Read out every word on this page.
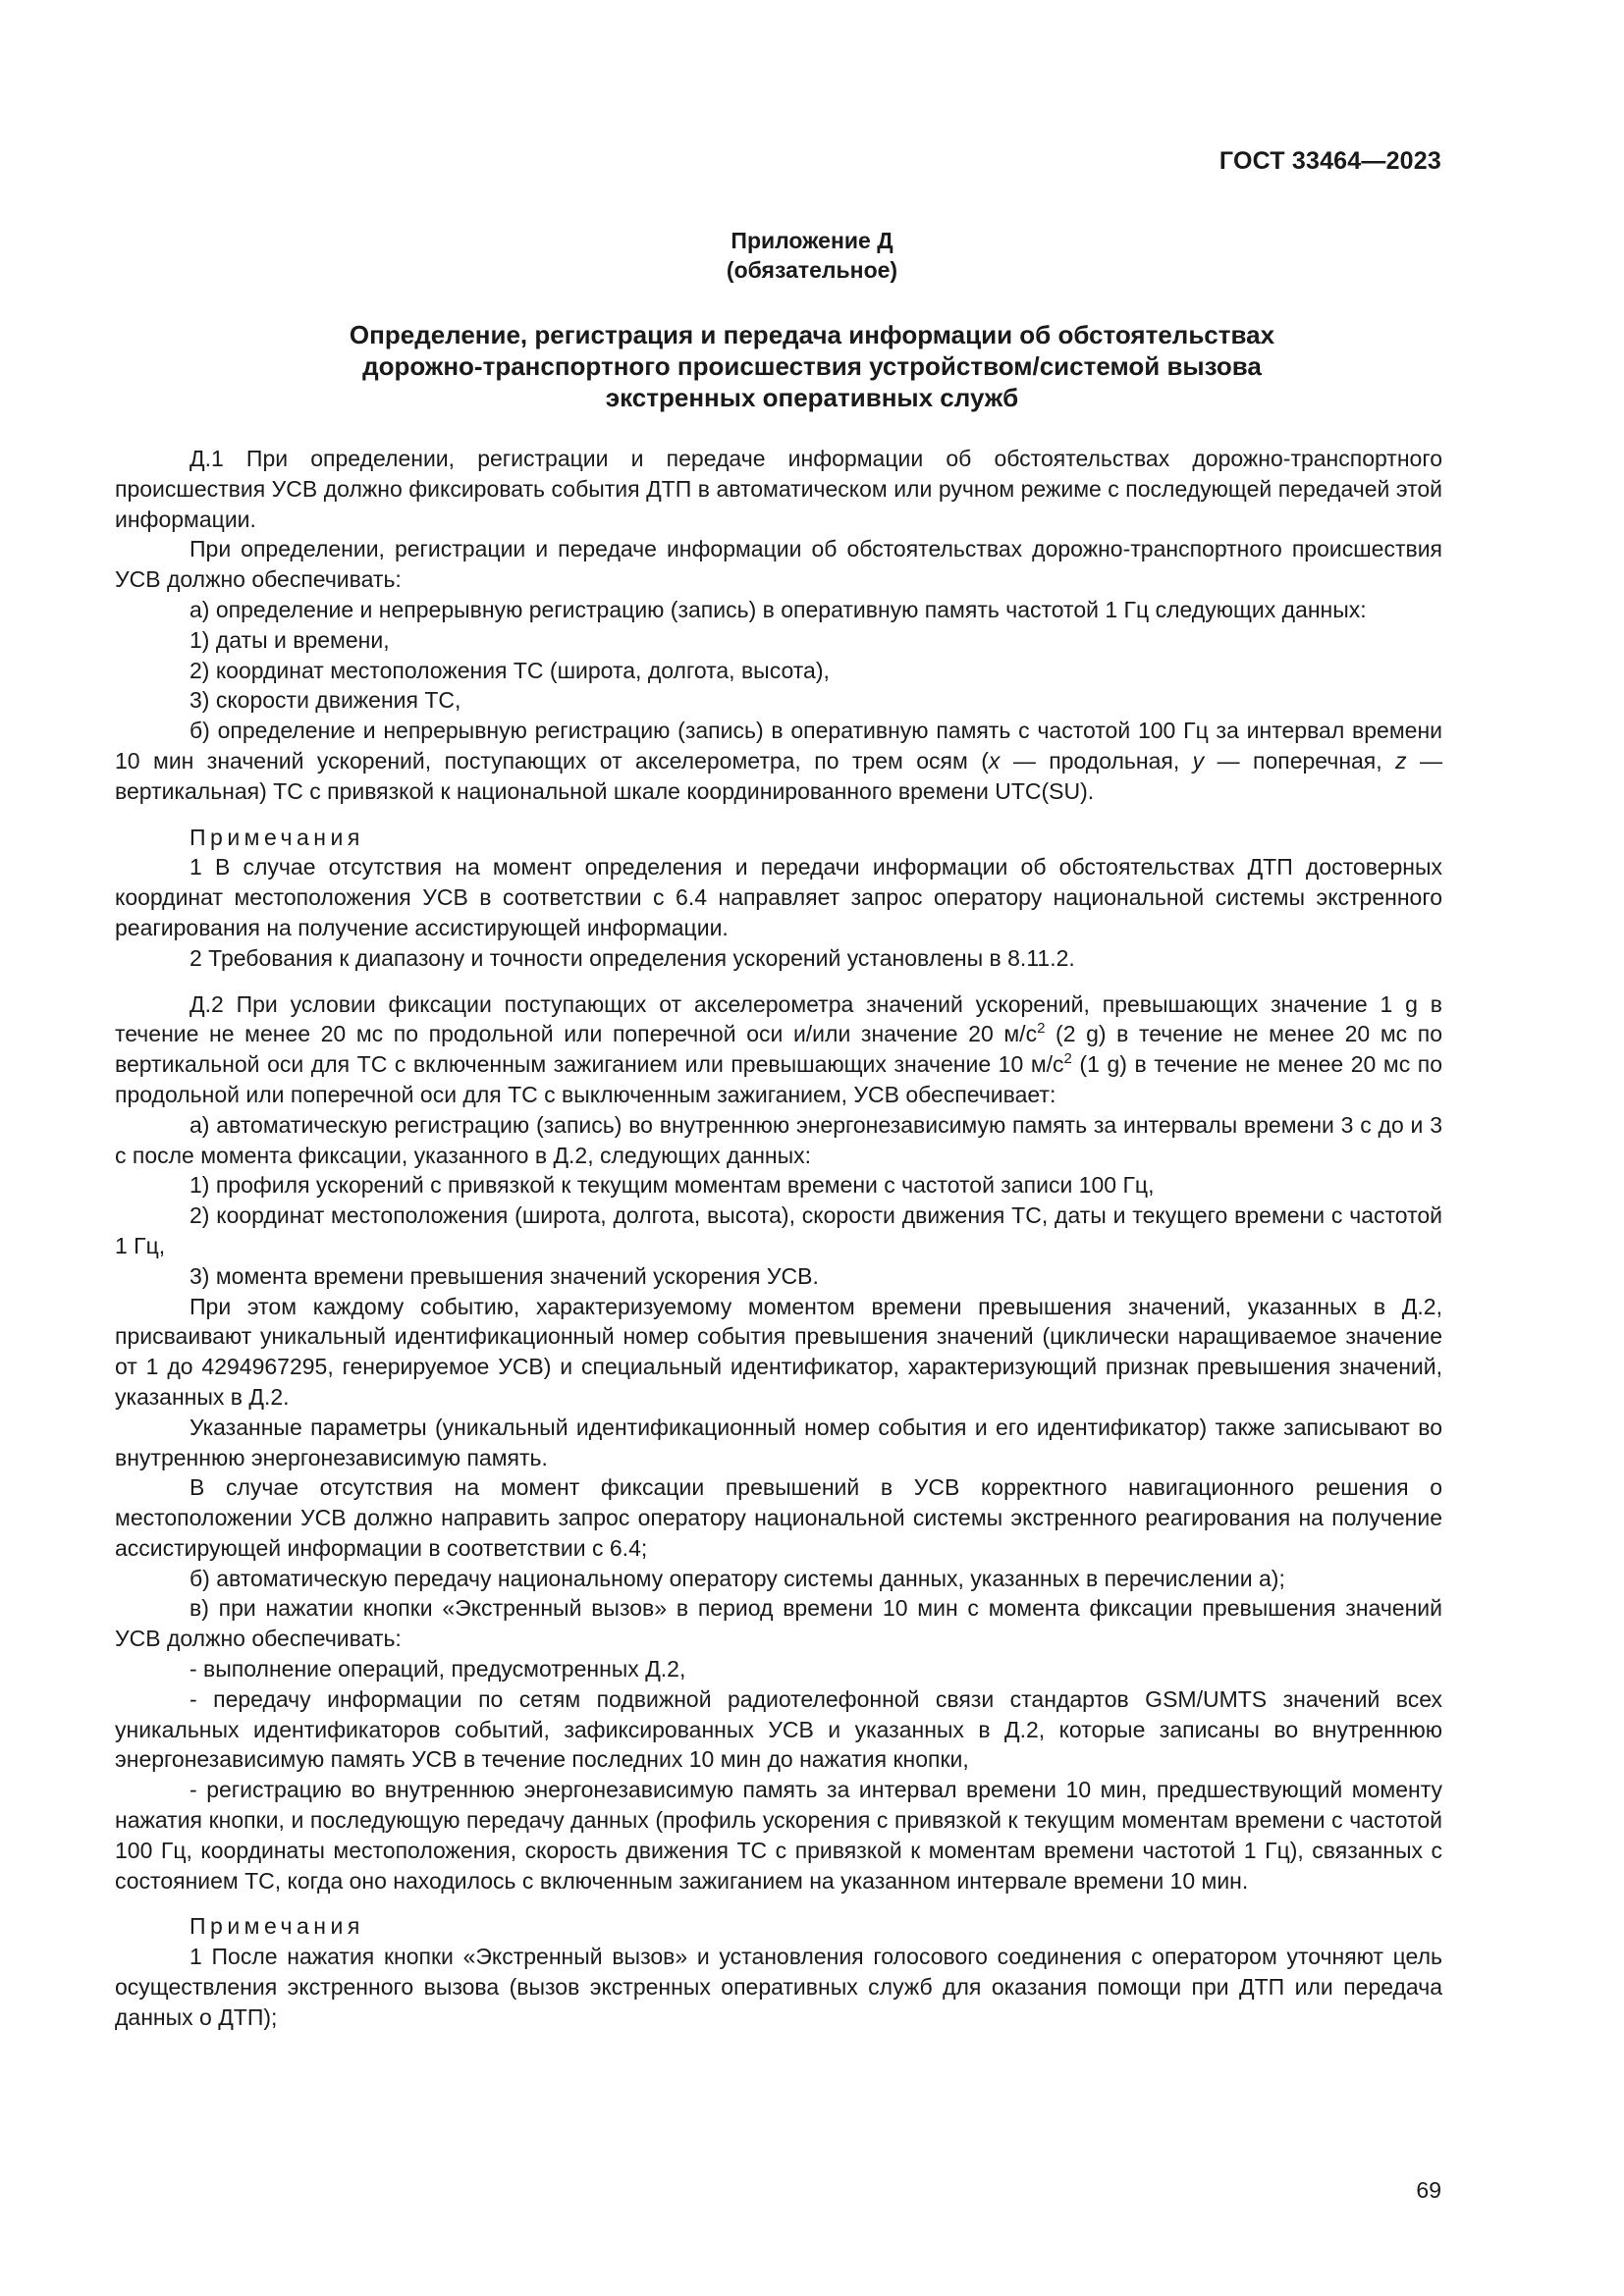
ГОСТ 33464—2023
Приложение Д
(обязательное)
Определение, регистрация и передача информации об обстоятельствах
дорожно-транспортного происшествия устройством/системой вызова
экстренных оперативных служб

Д.1 При определении, регистрации и передаче информации об обстоятельствах дорожно-транспортного происшествия УСВ должно фиксировать события ДТП в автоматическом или ручном режиме с последующей передачей этой информации.

При определении, регистрации и передаче информации об обстоятельствах дорожно-транспортного происшествия УСВ должно обеспечивать:

а) определение и непрерывную регистрацию (запись) в оперативную память частотой 1 Гц следующих данных:

1) даты и времени,

2) координат местоположения ТС (широта, долгота, высота),

3) скорости движения ТС,

б) определение и непрерывную регистрацию (запись) в оперативную память с частотой 100 Гц за интервал времени 10 мин значений ускорений, поступающих от акселерометра, по трем осям (x — продольная, y — поперечная, z — вертикальная) ТС с привязкой к национальной шкале координированного времени UTC(SU).

Примечания

1 В случае отсутствия на момент определения и передачи информации об обстоятельствах ДТП достоверных координат местоположения УСВ в соответствии с 6.4 направляет запрос оператору национальной системы экстренного реагирования на получение ассистирующей информации.

2 Требования к диапазону и точности определения ускорений установлены в 8.11.2.

Д.2 При условии фиксации поступающих от акселерометра значений ускорений, превышающих значение 1 g в течение не менее 20 мс по продольной или поперечной оси и/или значение 20 $м/с^2$ (2 g) в течение не менее 20 мс по вертикальной оси для ТС с включенным зажиганием или превышающих значение 10 $м/с^2$ (1 g) в течение не менее 20 мс по продольной или поперечной оси для ТС с выключенным зажиганием, УСВ обеспечивает:

а) автоматическую регистрацию (запись) во внутреннюю энергонезависимую память за интервалы времени 3 с до и 3 с после момента фиксации, указанного в Д.2, следующих данных:

1) профиля ускорений с привязкой к текущим моментам времени с частотой записи 100 Гц,

2) координат местоположения (широта, долгота, высота), скорости движения ТС, даты и текущего времени с частотой 1 Гц,

3) момента времени превышения значений ускорения УСВ.

При этом каждому событию, характеризуемому моментом времени превышения значений, указанных в Д.2, присваивают уникальный идентификационный номер события превышения значений (циклически наращиваемое значение от 1 до 4294967295, генерируемое УСВ) и специальный идентификатор, характеризующий признак превышения значений, указанных в Д.2.

Указанные параметры (уникальный идентификационный номер события и его идентификатор) также записывают во внутреннюю энергонезависимую память.

В случае отсутствия на момент фиксации превышений в УСВ корректного навигационного решения о местоположении УСВ должно направить запрос оператору национальной системы экстренного реагирования на получение ассистирующей информации в соответствии с 6.4;

б) автоматическую передачу национальному оператору системы данных, указанных в перечислении а);

в) при нажатии кнопки «Экстренный вызов» в период времени 10 мин с момента фиксации превышения значений УСВ должно обеспечивать:

- выполнение операций, предусмотренных Д.2,

- передачу информации по сетям подвижной радиотелефонной связи стандартов GSM/UMTS значений всех уникальных идентификаторов событий, зафиксированных УСВ и указанных в Д.2, которые записаны во внутреннюю энергонезависимую память УСВ в течение последних 10 мин до нажатия кнопки,

- регистрацию во внутреннюю энергонезависимую память за интервал времени 10 мин, предшествующий моменту нажатия кнопки, и последующую передачу данных (профиль ускорения с привязкой к текущим моментам времени с частотой 100 Гц, координаты местоположения, скорость движения ТС с привязкой к моментам времени частотой 1 Гц), связанных с состоянием ТС, когда оно находилось с включенным зажиганием на указанном интервале времени 10 мин.

Примечания

1 После нажатия кнопки «Экстренный вызов» и установления голосового соединения с оператором уточняют цель осуществления экстренного вызова (вызов экстренных оперативных служб для оказания помощи при ДТП или передача данных о ДТП);

69
